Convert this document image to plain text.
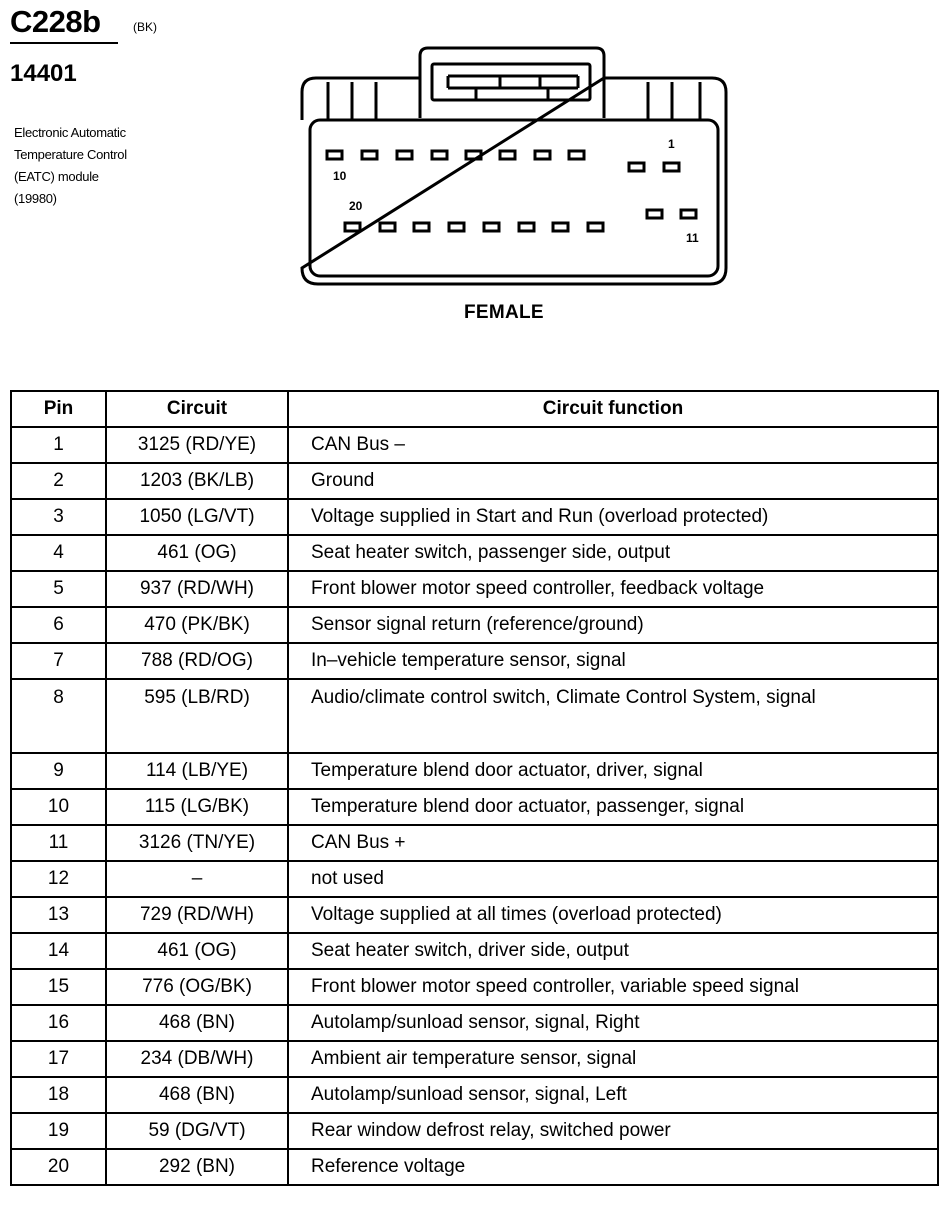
C228b	(BK)
14401
Electronic Automatic
Temperature Control
(EATC) module
(19980)
1
10
20
11
FEMALE
Pin	Circuit	Circuit function
1	3125 (RD/YE)	CAN Bus –
2	1203 (BK/LB)	Ground
3	1050 (LG/VT)	Voltage supplied in Start and Run (overload protected)
4	461 (OG)	Seat heater switch, passenger side, output
5	937 (RD/WH)	Front blower motor speed controller, feedback voltage
6	470 (PK/BK)	Sensor signal return (reference/ground)
7	788 (RD/OG)	In–vehicle temperature sensor, signal
8	595 (LB/RD)	Audio/climate control switch, Climate Control System, signal
9	114 (LB/YE)	Temperature blend door actuator, driver, signal
10	115 (LG/BK)	Temperature blend door actuator, passenger, signal
11	3126 (TN/YE)	CAN Bus +
12	–	not used
13	729 (RD/WH)	Voltage supplied at all times (overload protected)
14	461 (OG)	Seat heater switch, driver side, output
15	776 (OG/BK)	Front blower motor speed controller, variable speed signal
16	468 (BN)	Autolamp/sunload sensor, signal, Right
17	234 (DB/WH)	Ambient air temperature sensor, signal
18	468 (BN)	Autolamp/sunload sensor, signal, Left
19	59 (DG/VT)	Rear window defrost relay, switched power
20	292 (BN)	Reference voltage
